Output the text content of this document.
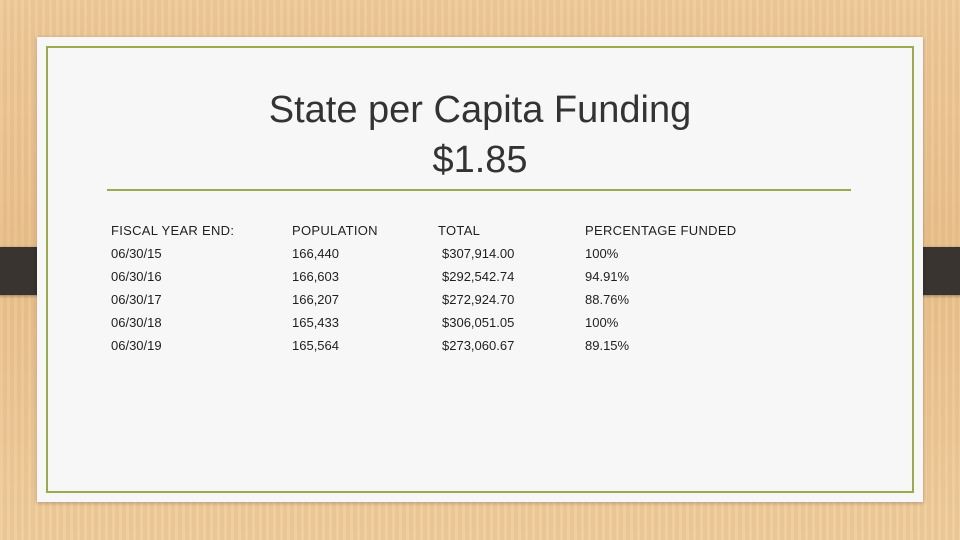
State per Capita Funding
$1.85
FISCAL YEAR END:	POPULATION	TOTAL	PERCENTAGE FUNDED
06/30/15	166,440	$307,914.00	100%
06/30/16	166,603	$292,542.74	94.91%
06/30/17	166,207	$272,924.70	88.76%
06/30/18	165,433	$306,051.05	100%
06/30/19	165,564	$273,060.67	89.15%
